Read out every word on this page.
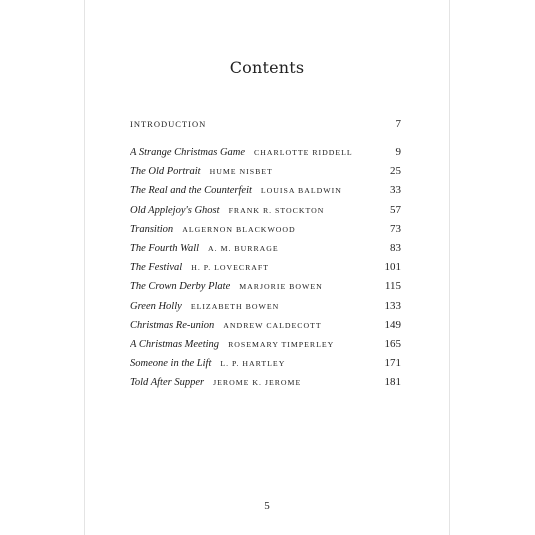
Contents
INTRODUCTION	7
A Strange Christmas Game CHARLOTTE RIDDELL	9
The Old Portrait HUME NISBET	25
The Real and the Counterfeit LOUISA BALDWIN	33
Old Applejoy's Ghost FRANK R. STOCKTON	57
Transition ALGERNON BLACKWOOD	73
The Fourth Wall A. M. BURRAGE	83
The Festival H. P. LOVECRAFT	101
The Crown Derby Plate MARJORIE BOWEN	115
Green Holly ELIZABETH BOWEN	133
Christmas Re-union ANDREW CALDECOTT	149
A Christmas Meeting ROSEMARY TIMPERLEY	165
Someone in the Lift L. P. HARTLEY	171
Told After Supper JEROME K. JEROME	181
5
